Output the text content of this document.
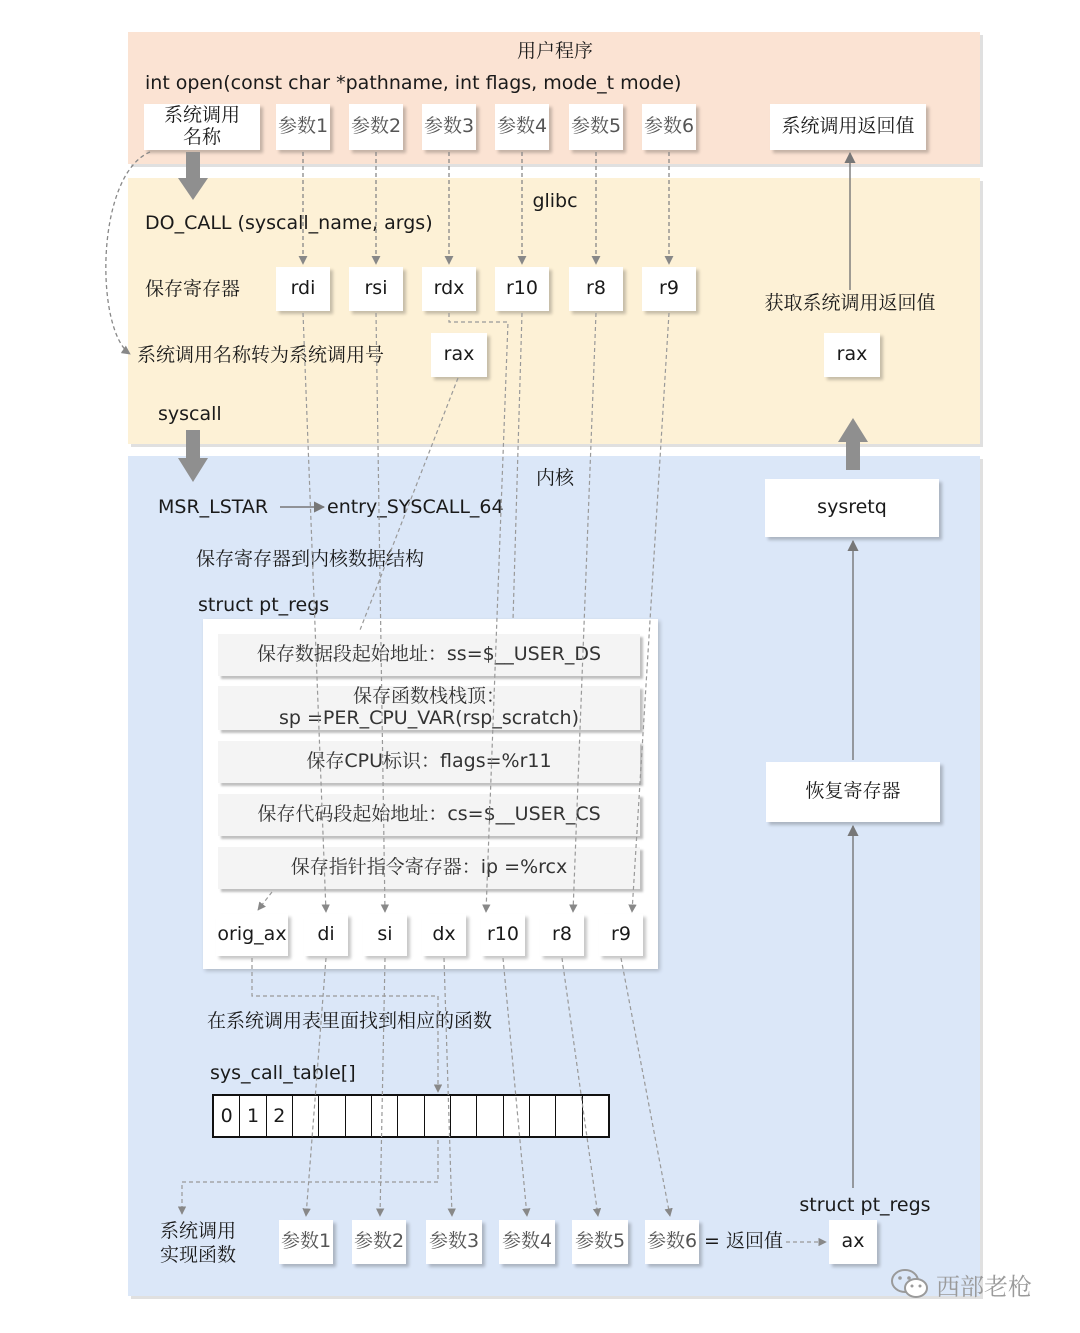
用户程序
int open(const char *pathname, int flags, mode_t mode)
系统调用
名称	参数1 参数2 参数3 参数4 参数5 参数6	系统调用返回值
glibc
DO_CALL (syscall_name, args)
保存寄存器	rdi	rsi	rdx	r10	r8	r9
系统调用名称转为系统调用号	rax
获取系统调用返回值
rax
syscall
内核
MSR_LSTAR	entry_SYSCALL_64
保存寄存器到内核数据结构
struct pt_regs
保存数据段起始地址：ss=$__USER_DS
保存函数栈栈顶：
sp =PER_CPU_VAR(rsp_scratch)
保存CPU标识：flags=%r11
保存代码段起始地址：cs=$__USER_CS
保存指针指令寄存器：ip =%rcx
orig_ax	di	si	dx	r10	r8	r9
在系统调用表里面找到相应的函数
sys_call_table[]
0 1 2
系统调用
实现函数
参数1 参数2 参数3 参数4 参数5 参数6 = 返回值	ax
struct pt_regs
sysretq
恢复寄存器
西部老枪
